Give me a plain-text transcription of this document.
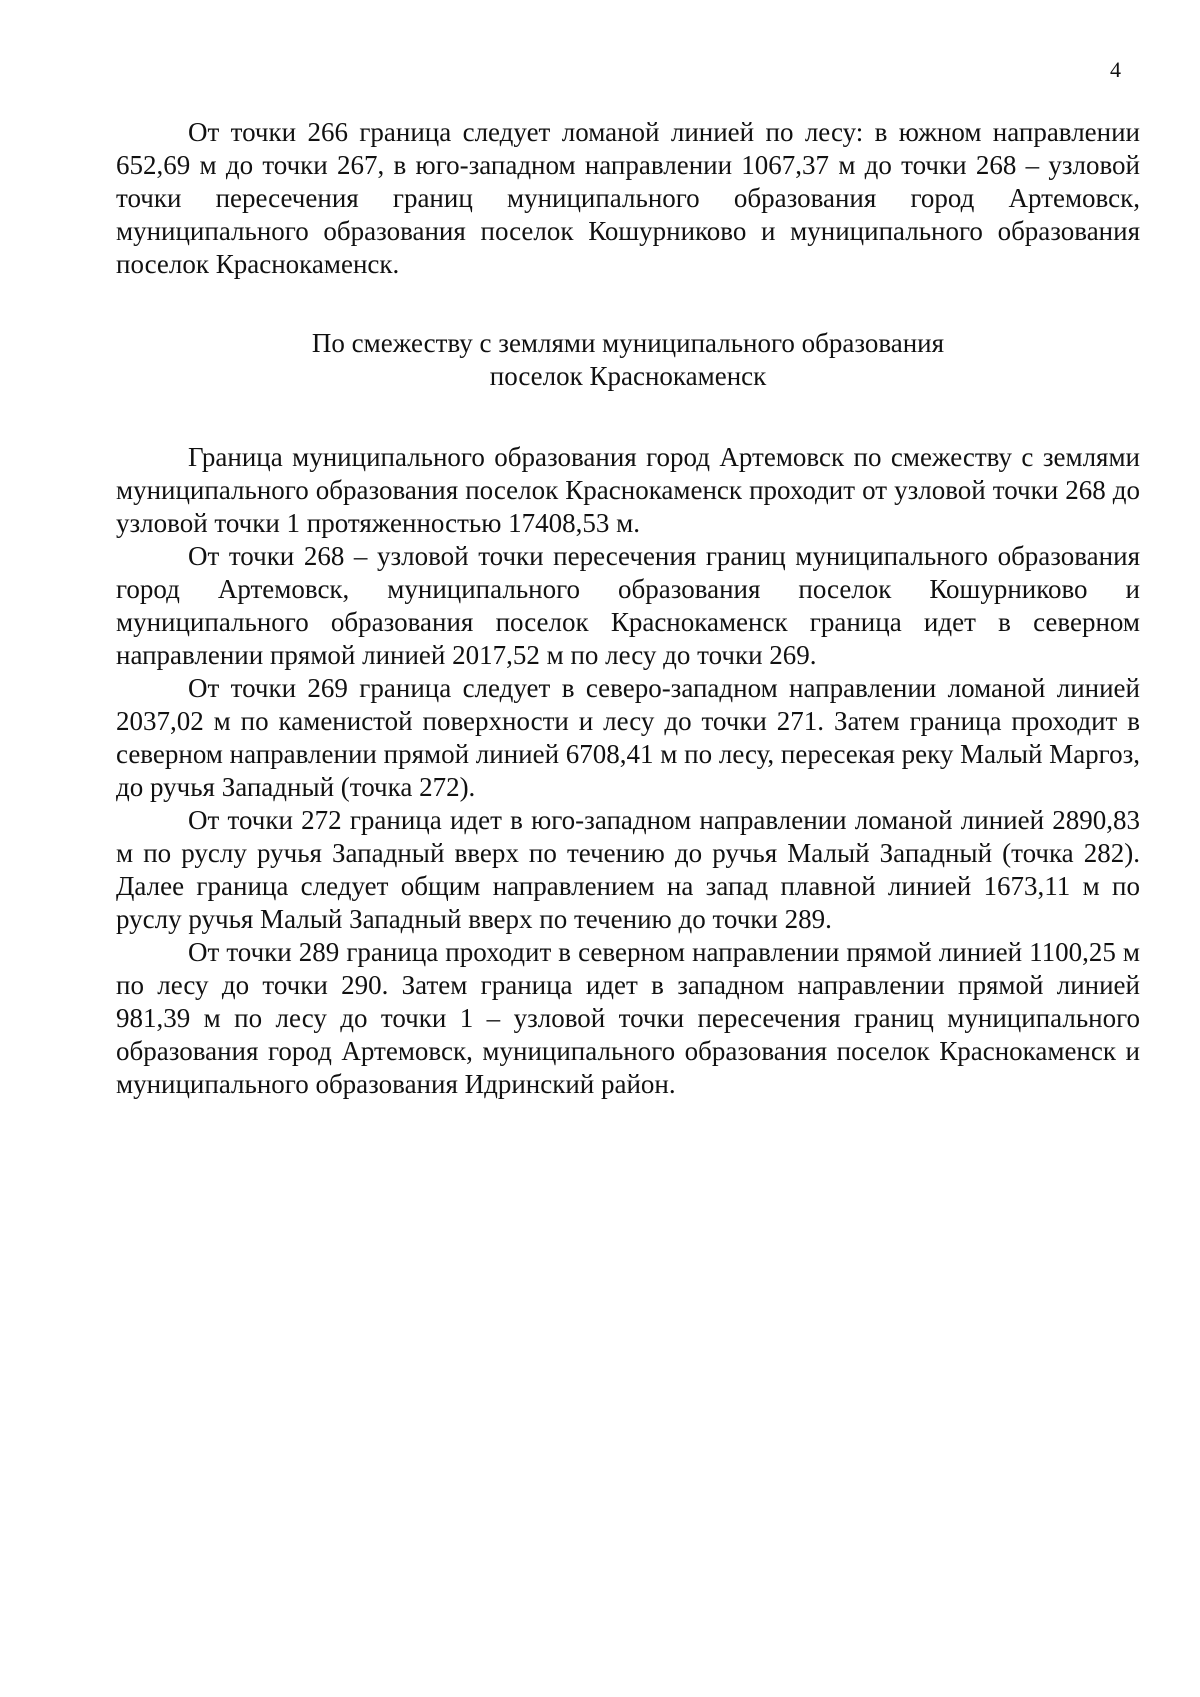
4

От точки 266 граница следует ломаной линией по лесу: в южном направлении 652,69 м до точки 267, в юго-западном направлении 1067,37 м до точки 268 – узловой точки пересечения границ муниципального образования город Артемовск, муниципального образования поселок Кошурниково и муниципального образования поселок Краснокаменск.

По смежеству с землями муниципального образования
поселок Краснокаменск

Граница муниципального образования город Артемовск по смежеству с землями муниципального образования поселок Краснокаменск проходит от узловой точки 268 до узловой точки 1 протяженностью 17408,53 м.

От точки 268 – узловой точки пересечения границ муниципального образования город Артемовск, муниципального образования поселок Кошурниково и муниципального образования поселок Краснокаменск граница идет в северном направлении прямой линией 2017,52 м по лесу до точки 269.

От точки 269 граница следует в северо-западном направлении ломаной линией 2037,02 м по каменистой поверхности и лесу до точки 271. Затем граница проходит в северном направлении прямой линией 6708,41 м по лесу, пересекая реку Малый Маргоз, до ручья Западный (точка 272).

От точки 272 граница идет в юго-западном направлении ломаной линией 2890,83 м по руслу ручья Западный вверх по течению до ручья Малый Западный (точка 282). Далее граница следует общим направлением на запад плавной линией 1673,11 м по руслу ручья Малый Западный вверх по течению до точки 289.

От точки 289 граница проходит в северном направлении прямой линией 1100,25 м по лесу до точки 290. Затем граница идет в западном направлении прямой линией 981,39 м по лесу до точки 1 – узловой точки пересечения границ муниципального образования город Артемовск, муниципального образования поселок Краснокаменск и муниципального образования Идринский район.
